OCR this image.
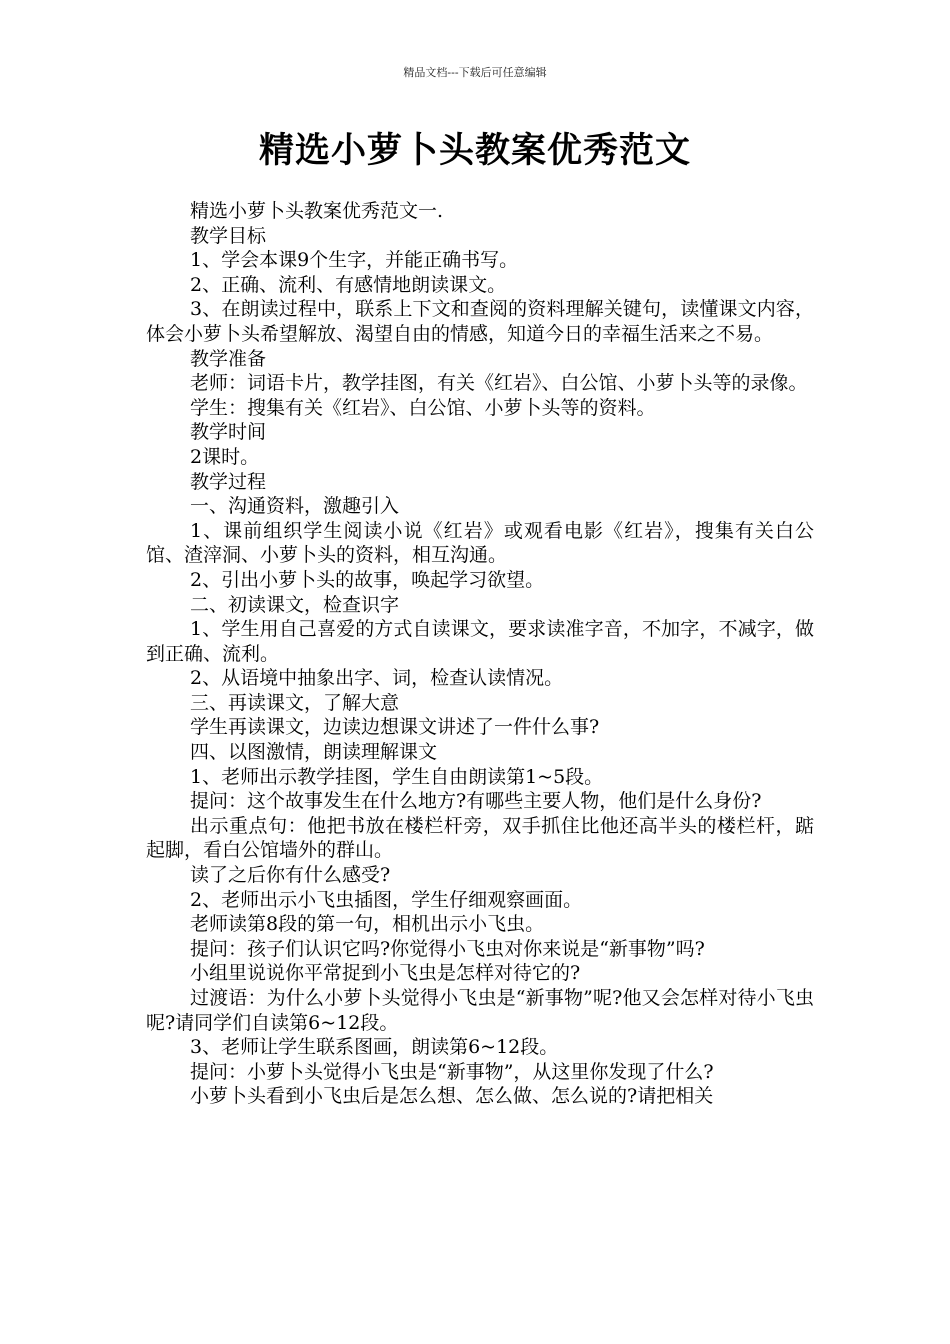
精品文档---下载后可任意编辑
精选小萝卜头教案优秀范文

精选小萝卜头教案优秀范文一.

教学目标

1、学会本课9个生字，并能正确书写。

2、正确、流利、有感情地朗读课文。

3、在朗读过程中，联系上下文和查阅的资料理解关键句，读懂课文内容，体会小萝卜头希望解放、渴望自由的情感，知道今日的幸福生活来之不易。

教学准备

老师：词语卡片，教学挂图，有关《红岩》、白公馆、小萝卜头等的录像。

学生：搜集有关《红岩》、白公馆、小萝卜头等的资料。

教学时间

2课时。

教学过程

一、沟通资料，激趣引入

1、课前组织学生阅读小说《红岩》或观看电影《红岩》，搜集有关白公馆、渣滓洞、小萝卜头的资料，相互沟通。

2、引出小萝卜头的故事，唤起学习欲望。

二、初读课文，检查识字

1、学生用自己喜爱的方式自读课文，要求读准字音，不加字，不减字，做到正确、流利。

2、从语境中抽象出字、词，检查认读情况。

三、再读课文，了解大意

学生再读课文，边读边想课文讲述了一件什么事?

四、以图激情，朗读理解课文

1、老师出示教学挂图，学生自由朗读第1~5段。

提问：这个故事发生在什么地方?有哪些主要人物，他们是什么身份?

出示重点句：他把书放在楼栏杆旁，双手抓住比他还高半头的楼栏杆，踮起脚，看白公馆墙外的群山。

读了之后你有什么感受?

2、老师出示小飞虫插图，学生仔细观察画面。

老师读第8段的第一句，相机出示小飞虫。

提问：孩子们认识它吗?你觉得小飞虫对你来说是“新事物”吗?

小组里说说你平常捉到小飞虫是怎样对待它的?

过渡语：为什么小萝卜头觉得小飞虫是“新事物”呢?他又会怎样对待小飞虫呢?请同学们自读第6~12段。

3、老师让学生联系图画，朗读第6~12段。

提问：小萝卜头觉得小飞虫是“新事物”，从这里你发现了什么?

小萝卜头看到小飞虫后是怎么想、怎么做、怎么说的?请把相关
